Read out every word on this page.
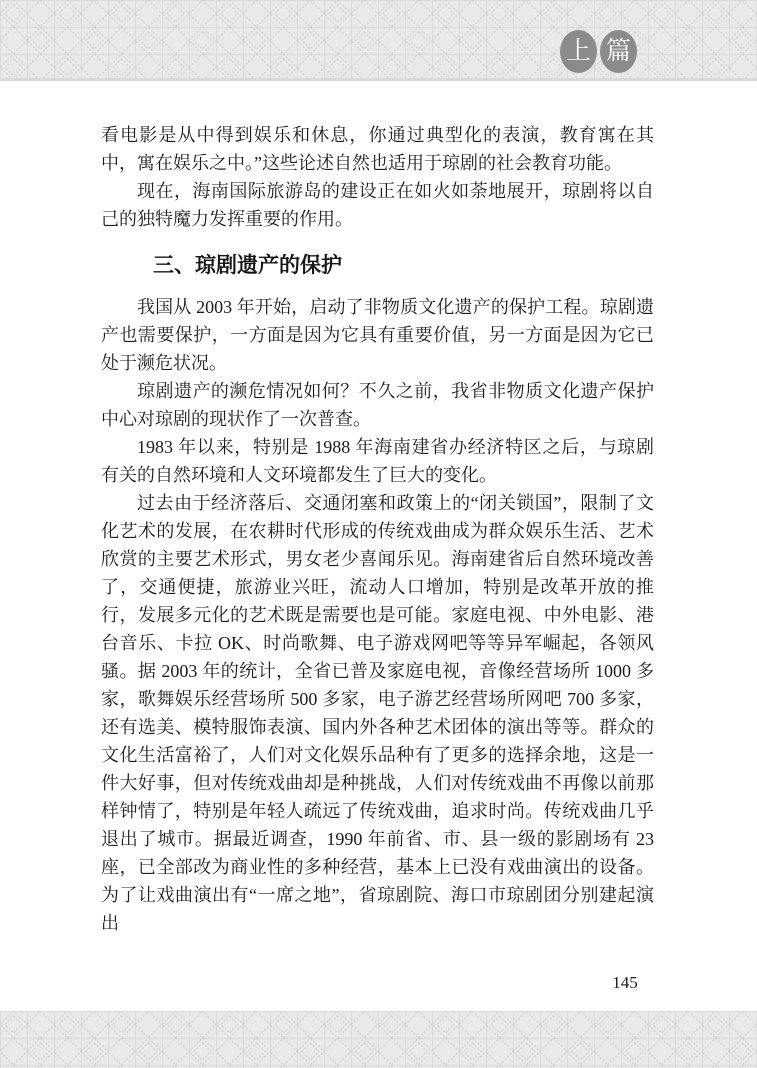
上 篇

看电影是从中得到娱乐和休息，你通过典型化的表演，教育寓在其中，寓在娱乐之中。”这些论述自然也适用于琼剧的社会教育功能。

现在，海南国际旅游岛的建设正在如火如荼地展开，琼剧将以自己的独特魔力发挥重要的作用。

三、琼剧遗产的保护

我国从 2003 年开始，启动了非物质文化遗产的保护工程。琼剧遗产也需要保护，一方面是因为它具有重要价值，另一方面是因为它已处于濒危状况。

琼剧遗产的濒危情况如何？不久之前，我省非物质文化遗产保护中心对琼剧的现状作了一次普查。

1983 年以来，特别是 1988 年海南建省办经济特区之后，与琼剧有关的自然环境和人文环境都发生了巨大的变化。

过去由于经济落后、交通闭塞和政策上的“闭关锁国”，限制了文化艺术的发展，在农耕时代形成的传统戏曲成为群众娱乐生活、艺术欣赏的主要艺术形式，男女老少喜闻乐见。海南建省后自然环境改善了，交通便捷，旅游业兴旺，流动人口增加，特别是改革开放的推行，发展多元化的艺术既是需要也是可能。家庭电视、中外电影、港台音乐、卡拉 OK、时尚歌舞、电子游戏网吧等等异军崛起，各领风骚。据 2003 年的统计，全省已普及家庭电视，音像经营场所 1000 多家，歌舞娱乐经营场所 500 多家，电子游艺经营场所网吧 700 多家，还有选美、模特服饰表演、国内外各种艺术团体的演出等等。群众的文化生活富裕了，人们对文化娱乐品种有了更多的选择余地，这是一件大好事，但对传统戏曲却是种挑战，人们对传统戏曲不再像以前那样钟情了，特别是年轻人疏远了传统戏曲，追求时尚。传统戏曲几乎退出了城市。据最近调查，1990 年前省、市、县一级的影剧场有 23 座，已全部改为商业性的多种经营，基本上已没有戏曲演出的设备。为了让戏曲演出有“一席之地”，省琼剧院、海口市琼剧团分别建起演出

145
